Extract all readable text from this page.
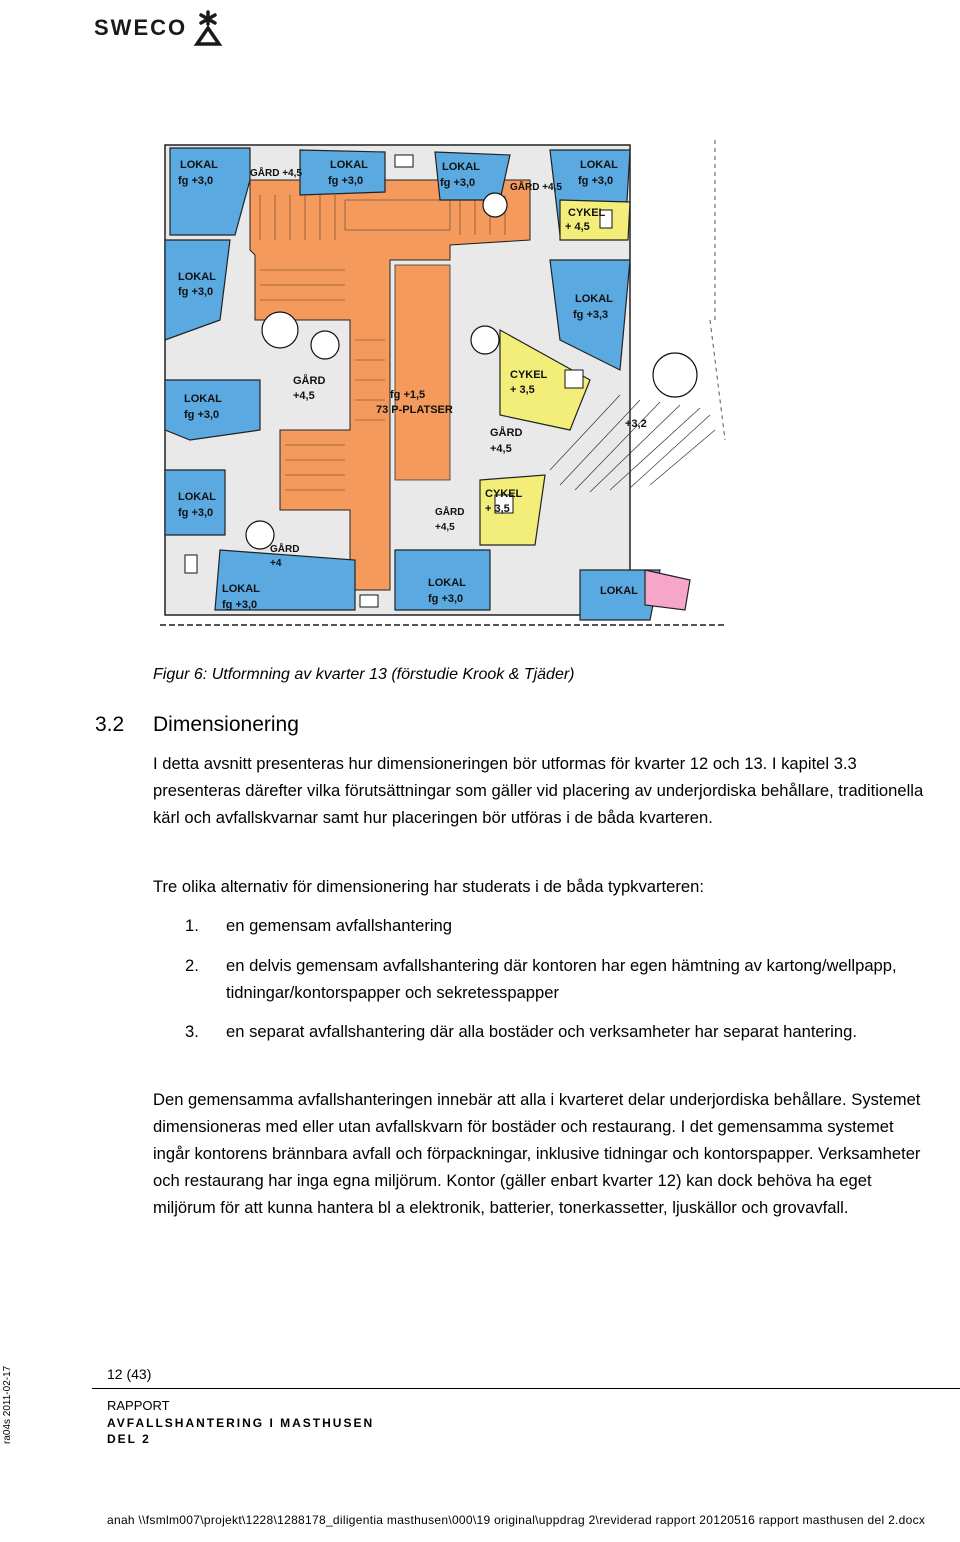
SWECO
LOKAL
fg +3,0
LOKAL
fg +3,0
LOKAL
fg +3,0
LOKAL
fg +3,0
LOKAL
fg +3,0
LOKAL
fg +3,3
LOKAL
fg +3,0
LOKAL
fg +3,0
LOKAL
fg +3,0
LOKAL
fg +3,0
LOKAL
CYKEL
+ 4,5
CYKEL
+ 3,5
CYKEL
+ 3,5
GÅRD
+4,5
GÅRD
+4,5
fg +1,5
73 P-PLATSER
+3,2
GÅRD +4,5
GÅRD +4,5
GÅRD
+4,5
GÅRD
+4
Figur 6: Utformning av kvarter 13 (förstudie Krook & Tjäder)
3.2 Dimensionering
I detta avsnitt presenteras hur dimensioneringen bör utformas för kvarter 12 och 13. I kapitel 3.3 presenteras därefter vilka förutsättningar som gäller vid placering av underjordiska behållare, traditionella kärl och avfallskvarnar samt hur placeringen bör utföras i de båda kvarteren.
Tre olika alternativ för dimensionering har studerats i de båda typkvarteren:
1.	en gemensam avfallshantering
2.	en delvis gemensam avfallshantering där kontoren har egen hämtning av kartong/wellpapp, tidningar/kontorspapper och sekretesspapper
3.	en separat avfallshantering där alla bostäder och verksamheter har separat hantering.
Den gemensamma avfallshanteringen innebär att alla i kvarteret delar underjordiska behållare. Systemet dimensioneras med eller utan avfallskvarn för bostäder och restaurang. I det gemensamma systemet ingår kontorens brännbara avfall och förpackningar, inklusive tidningar och kontorspapper. Verksamheter och restaurang har inga egna miljörum. Kontor (gäller enbart kvarter 12) kan dock behöva ha eget miljörum för att kunna hantera bl a elektronik, batterier, tonerkassetter, ljuskällor och grovavfall.
ra04s 2011-02-17	12 (43)
RAPPORT
AVFALLSHANTERING I MASTHUSEN
DEL 2
anah \\fsmlm007\projekt\1228\1288178_diligentia masthusen\000\19 original\uppdrag 2\reviderad rapport 20120516 rapport masthusen del 2.docx
